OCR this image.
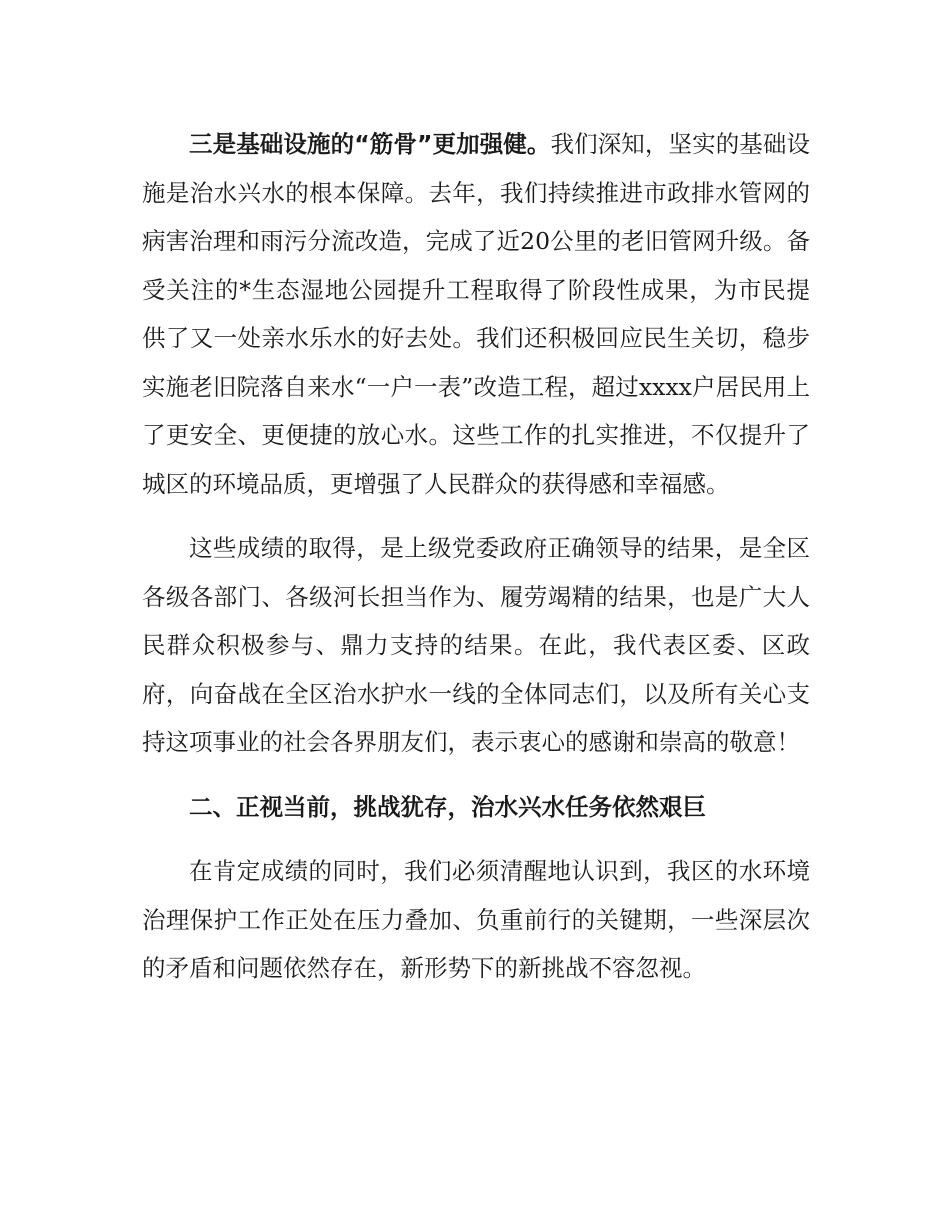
三是基础设施的“筋骨”更加强健。我们深知，坚实的基础设施是治水兴水的根本保障。去年，我们持续推进市政排水管网的病害治理和雨污分流改造，完成了近20公里的老旧管网升级。备受关注的*生态湿地公园提升工程取得了阶段性成果，为市民提供了又一处亲水乐水的好去处。我们还积极回应民生关切，稳步实施老旧院落自来水“一户一表”改造工程，超过xxxx户居民用上了更安全、更便捷的放心水。这些工作的扎实推进，不仅提升了城区的环境品质，更增强了人民群众的获得感和幸福感。

这些成绩的取得，是上级党委政府正确领导的结果，是全区各级各部门、各级河长担当作为、履劳竭精的结果，也是广大人民群众积极参与、鼎力支持的结果。在此，我代表区委、区政府，向奋战在全区治水护水一线的全体同志们，以及所有关心支持这项事业的社会各界朋友们，表示衷心的感谢和崇高的敬意！

二、正视当前，挑战犹存，治水兴水任务依然艰巨

在肯定成绩的同时，我们必须清醒地认识到，我区的水环境治理保护工作正处在压力叠加、负重前行的关键期，一些深层次的矛盾和问题依然存在，新形势下的新挑战不容忽视。
